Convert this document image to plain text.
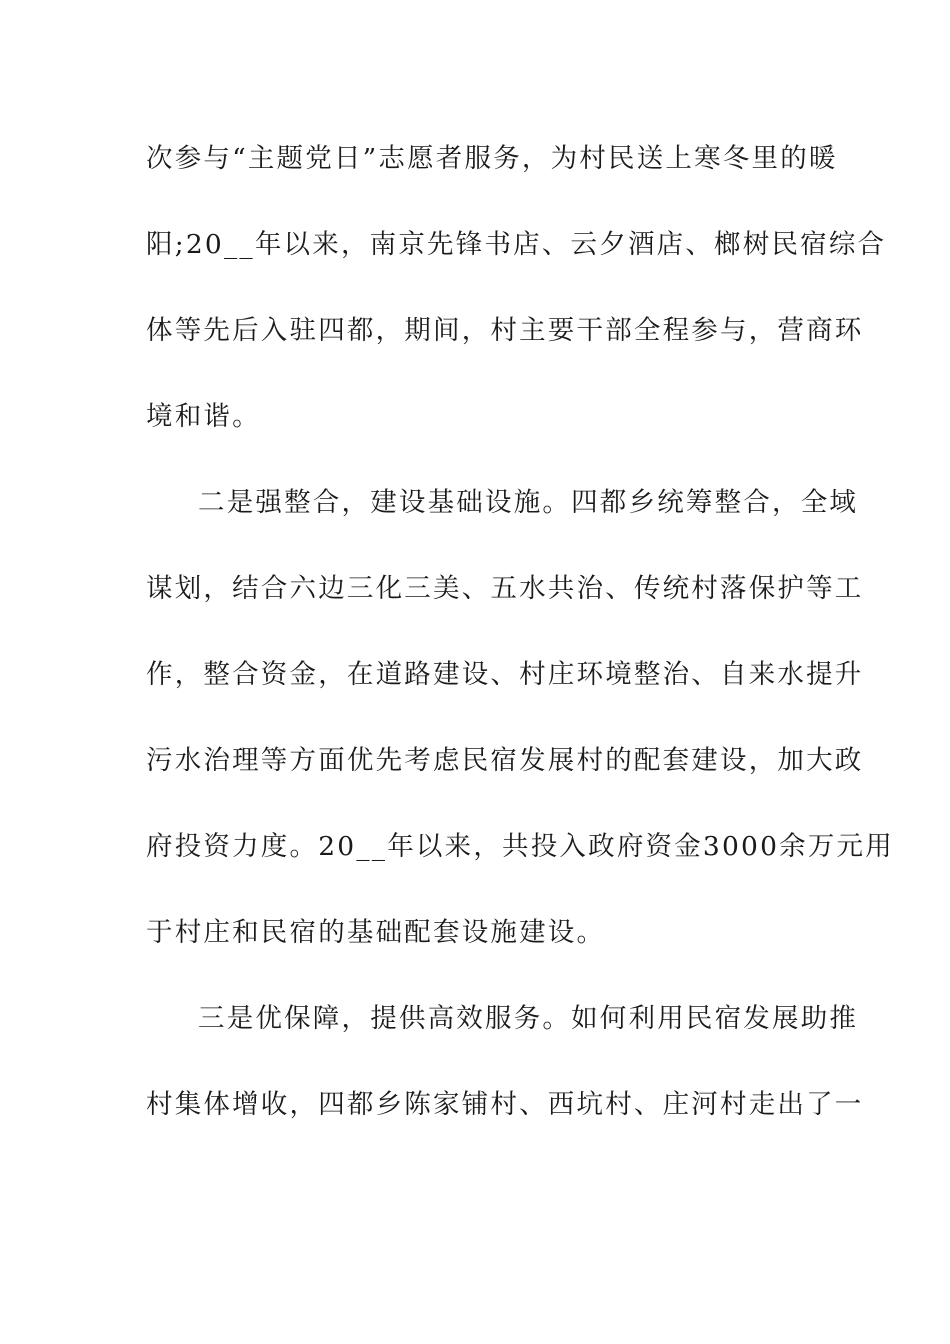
次参与“主题党日”志愿者服务，为村民送上寒冬里的暖
阳;20__年以来，南京先锋书店、云夕酒店、榔树民宿综合
体等先后入驻四都，期间，村主要干部全程参与，营商环
境和谐。
二是强整合，建设基础设施。四都乡统筹整合，全域
谋划，结合六边三化三美、五水共治、传统村落保护等工
作，整合资金，在道路建设、村庄环境整治、自来水提升
污水治理等方面优先考虑民宿发展村的配套建设，加大政
府投资力度。20__年以来，共投入政府资金3000余万元用
于村庄和民宿的基础配套设施建设。
三是优保障，提供高效服务。如何利用民宿发展助推
村集体增收，四都乡陈家铺村、西坑村、庄河村走出了一
